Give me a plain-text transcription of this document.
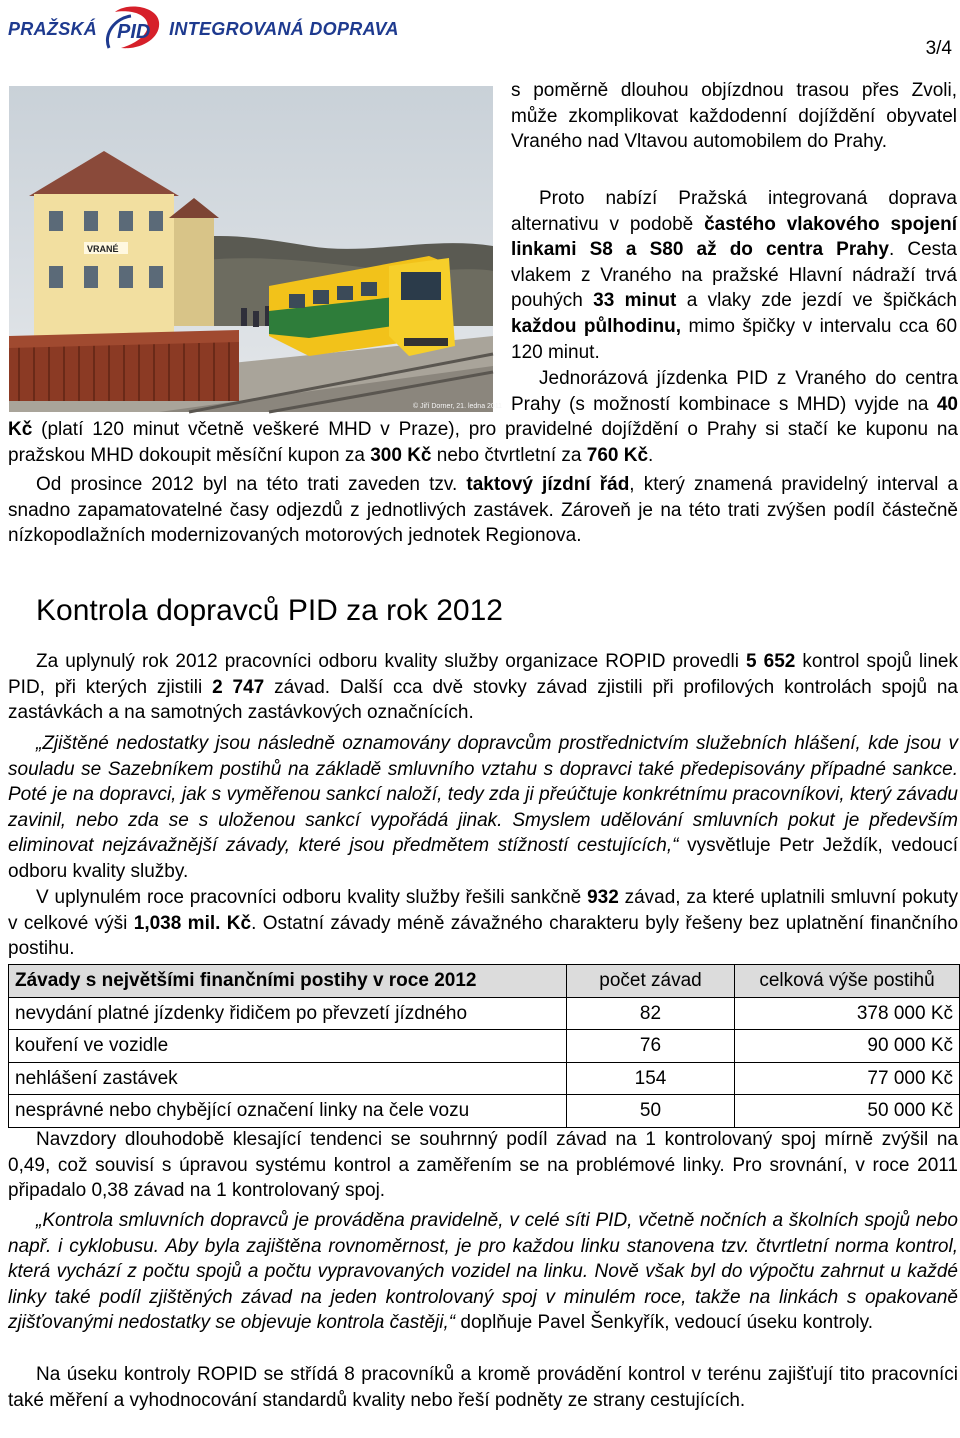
PRAŽSKÁ PID INTEGROVANÁ DOPRAVA
3/4
VRANÉ
© Jiří Dorner, 21. ledna 2011
s poměrně dlouhou objízdnou trasou přes Zvoli, může zkomplikovat každodenní dojíždění obyvatel Vraného nad Vltavou automobilem do Prahy.
Proto nabízí Pražská integrovaná doprava alternativu v podobě častého vlakového spojení linkami S8 a S80 až do centra Prahy. Cesta vlakem z Vraného na pražské Hlavní nádraží trvá pouhých 33 minut a vlaky zde jezdí ve špičkách každou půlhodinu, mimo špičky v intervalu cca 60 120 minut.
Jednorázová jízdenka PID z Vraného do centra Prahy (s možností kombinace s MHD) vyjde na 40 Kč (platí 120 minut včetně veškeré MHD v Praze), pro pravidelné dojíždění o Prahy si stačí ke kuponu na pražskou MHD dokoupit měsíční kupon za 300 Kč nebo čtvrtletní za 760 Kč.
Od prosince 2012 byl na této trati zaveden tzv. taktový jízdní řád, který znamená pravidelný interval a snadno zapamatovatelné časy odjezdů z jednotlivých zastávek. Zároveň je na této trati zvýšen podíl částečně nízkopodlažních modernizovaných motorových jednotek Regionova.
Kontrola dopravců PID za rok 2012
Za uplynulý rok 2012 pracovníci odboru kvality služby organizace ROPID provedli 5 652 kontrol spojů linek PID, při kterých zjistili 2 747 závad. Další cca dvě stovky závad zjistili při profilových kontrolách spojů na zastávkách a na samotných zastávkových označnících.
„Zjištěné nedostatky jsou následně oznamovány dopravcům prostřednictvím služebních hlášení, kde jsou v souladu se Sazebníkem postihů na základě smluvního vztahu s dopravci také předepisovány případné sankce. Poté je na dopravci, jak s vyměřenou sankcí naloží, tedy zda ji přeúčtuje konkrétnímu pracovníkovi, který závadu zavinil, nebo zda se s uloženou sankcí vypořádá jinak. Smyslem udělování smluvních pokut je především eliminovat nejzávažnější závady, které jsou předmětem stížností cestujících,“ vysvětluje Petr Ježdík, vedoucí odboru kvality služby.
V uplynulém roce pracovníci odboru kvality služby řešili sankčně 932 závad, za které uplatnili smluvní pokuty v celkové výši 1,038 mil. Kč. Ostatní závady méně závažného charakteru byly řešeny bez uplatnění finančního postihu.
Závady s největšími finančními postihy v roce 2012	počet závad	celková výše postihů
nevydání platné jízdenky řidičem po převzetí jízdného	82	378 000 Kč
kouření ve vozidle	76	90 000 Kč
nehlášení zastávek	154	77 000 Kč
nesprávné nebo chybějící označení linky na čele vozu	50	50 000 Kč
Navzdory dlouhodobě klesající tendenci se souhrnný podíl závad na 1 kontrolovaný spoj mírně zvýšil na 0,49, což souvisí s úpravou systému kontrol a zaměřením se na problémové linky. Pro srovnání, v roce 2011 připadalo 0,38 závad na 1 kontrolovaný spoj.
„Kontrola smluvních dopravců je prováděna pravidelně, v celé síti PID, včetně nočních a školních spojů nebo např. i cyklobusu. Aby byla zajištěna rovnoměrnost, je pro každou linku stanovena tzv. čtvrtletní norma kontrol, která vychází z počtu spojů a počtu vypravovaných vozidel na linku. Nově však byl do výpočtu zahrnut u každé linky také podíl zjištěných závad na jeden kontrolovaný spoj v minulém roce, takže na linkách s opakovaně zjišťovanými nedostatky se objevuje kontrola častěji,“ doplňuje Pavel Šenkyřík, vedoucí úseku kontroly.
Na úseku kontroly ROPID se střídá 8 pracovníků a kromě provádění kontrol v terénu zajišťují tito pracovníci také měření a vyhodnocování standardů kvality nebo řeší podněty ze strany cestujících.
